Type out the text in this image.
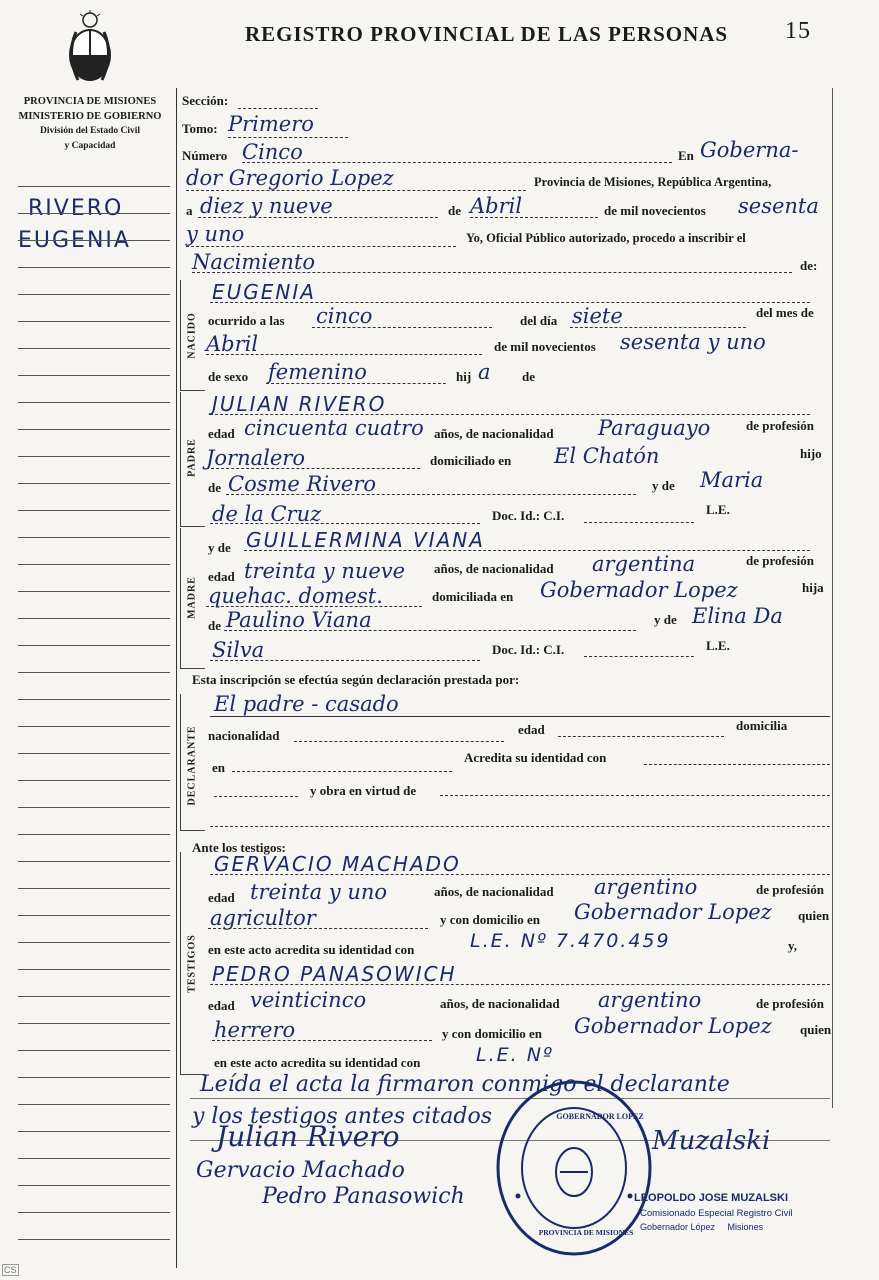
REGISTRO PROVINCIAL DE LAS PERSONAS 15
PROVINCIA DE MISIONES
MINISTERIO DE GOBIERNO
División del Estado Civil
y Capacidad
RIVERO
EUGENIA
Sección:
Tomo: Primero
Número Cinco	En Goberna-
dor Gregorio Lopez	Provincia de Misiones, República Argentina,
a diez y nueve	de Abril	de mil novecientos sesenta
y uno	Yo, Oficial Público autorizado, procedo a inscribir el
Nacimiento	de:
NACIDO
PADRE
MADRE
DECLARANTE
TESTIGOS
EUGENIA
ocurrido a las cinco	del día siete	del mes de
Abril	de mil novecientos sesenta y uno
de sexo femenino	hij a de
JULIAN RIVERO
edad cincuenta cuatro años, de nacionalidad Paraguayo	de profesión
Jornalero	domiciliado en El Chatón	hijo
de Cosme Rivero	y de Maria
de la Cruz	Doc. Id.: C.I.	L.E.
y de GUILLERMINA VIANA
edad treinta y nueve años, de nacionalidad argentina	de profesión
quehac. domest.	domiciliada en Gobernador Lopez	hija
de Paulino Viana	y de Elina Da
Silva	Doc. Id.: C.I.	L.E.
Esta inscripción se efectúa según declaración prestada por:
El padre - casado
nacionalidad	edad	domicilia
en
Acredita su identidad con
y obra en virtud de
Ante los testigos:
GERVACIO MACHADO
edad treinta y uno	años, de nacionalidad argentino	de profesión
agricultor	y con domicilio en Gobernador Lopez quien
en este acto acredita su identidad con	L.E. Nº 7.470.459	y,
PEDRO PANASOWICH
edad veinticinco	años, de nacionalidad argentino	de profesión
herrero	y con domicilio en Gobernador Lopez quien
en este acto acredita su identidad con	L.E. Nº
Leída el acta la firmaron conmigo el declarante
y los testigos antes citados
Julian Rivero
Gervacio Machado
Pedro Panasowich
Muzalski
GOBERNADOR LOPEZ
PROVINCIA DE MISIONES
LEOPOLDO JOSE MUZALSKI
Comisionado Especial Registro Civil
Gobernador López     Misiones
CS
